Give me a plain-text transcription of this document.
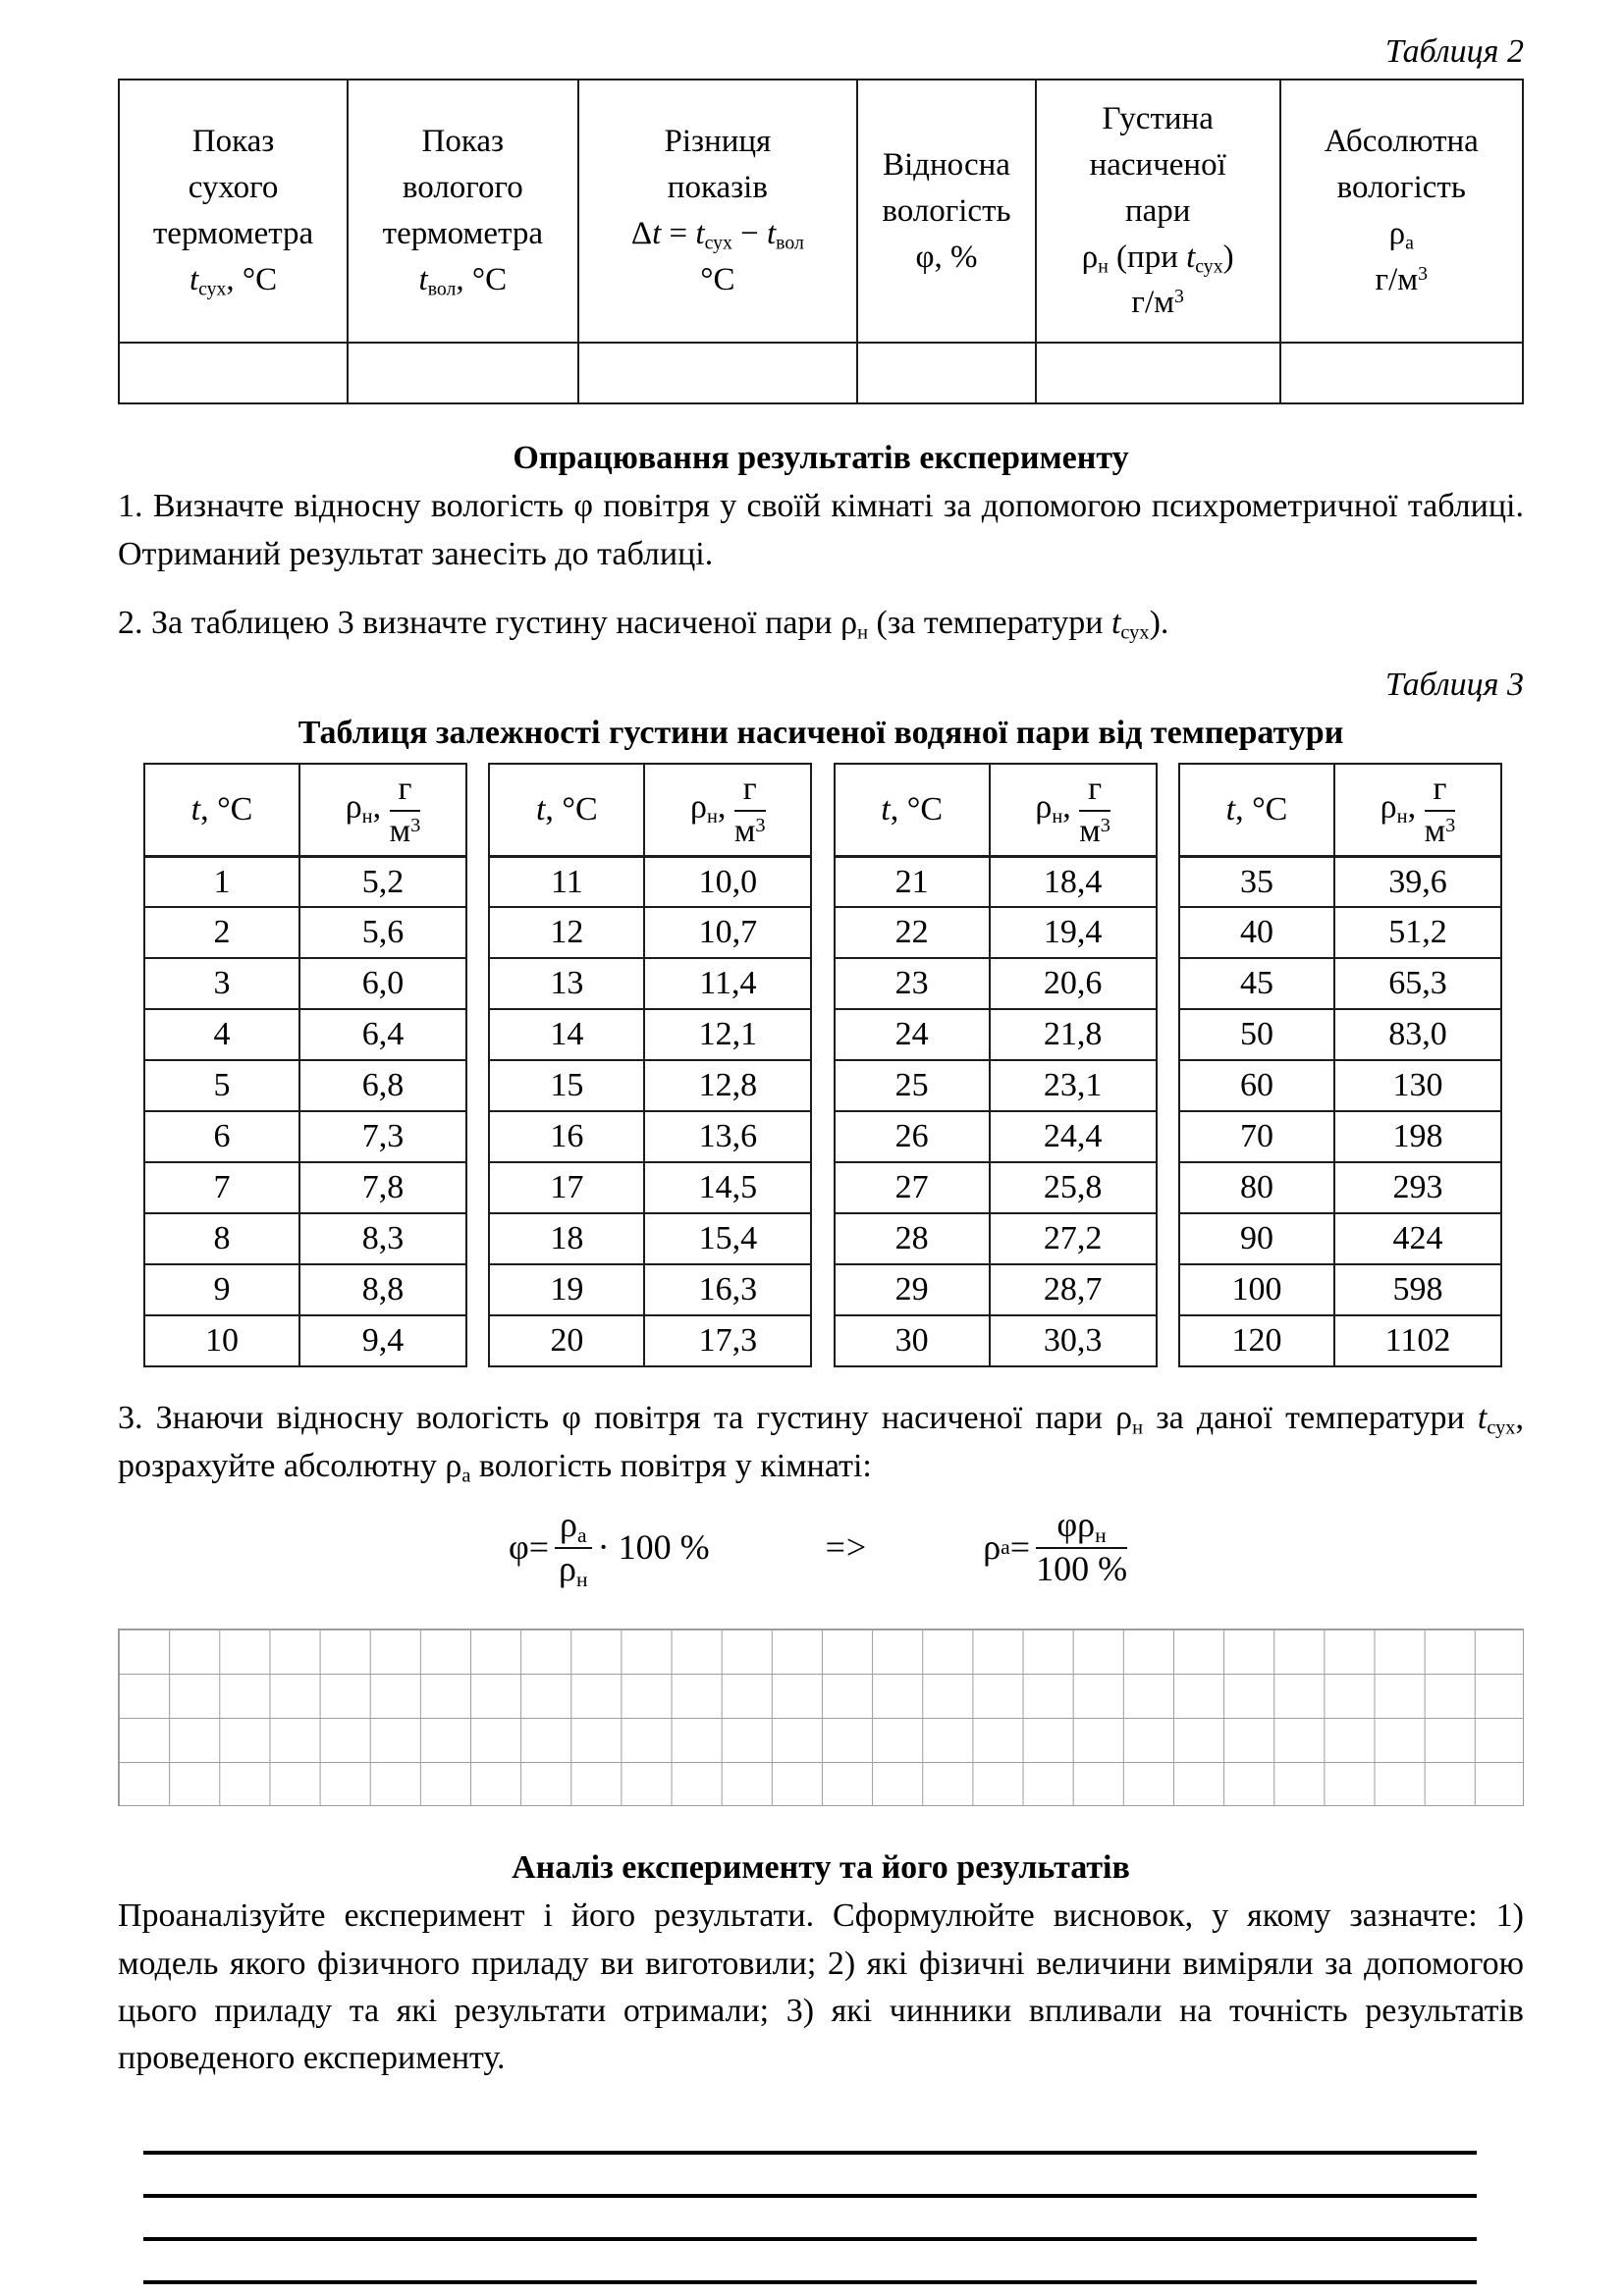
Таблиця 2

Показ
сухого
термометра
$t_{сух}$, °С

Показ
вологого
термометра
$t_{вол}$, °С

Різниця
показів
$\Delta t = t_{сух} - t_{вол}$
°С

Відносна
вологість
φ, %

Густина
насиченої
пари
$\rho_н$ (при $t_{сух}$)
$г/м^3$

Абсолютна
вологість
$\rho_а$
$г/м^3$

Опрацювання результатів експерименту

1. Визначте відносну вологість φ повітря у своїй кімнаті за допомогою психрометричної таблиці. Отриманий результат занесіть до таблиці.

2. За таблицею 3 визначте густину насиченої пари $\rho_н$ (за температури $t_{сух}$).

Таблиця 3

Таблиця залежності густини насиченої водяної пари від температури
t, °С	$\rho_н$, $\frac{г}{м^3}$

1	5,2
2	5,6
3	6,0
4	6,4
5	6,8
6	7,3
7	7,8
8	8,3
9	8,8
10	9,4
t, °С	$\rho_н$, $\frac{г}{м^3}$

11	10,0
12	10,7
13	11,4
14	12,1
15	12,8
16	13,6
17	14,5
18	15,4
19	16,3
20	17,3
t, °С	$\rho_н$, $\frac{г}{м^3}$

21	18,4
22	19,4
23	20,6
24	21,8
25	23,1
26	24,4
27	25,8
28	27,2
29	28,7
30	30,3
t, °С	$\rho_н$, $\frac{г}{м^3}$

35	39,6
40	51,2
45	65,3
50	83,0
60	130
70	198
80	293
90	424
100	598
120	1102

3. Знаючи відносну вологість φ повітря та густину насиченої пари $\rho_н$ за даної температури $t_{сух}$, розрахуйте абсолютну $\rho_а$ вологість повітря у кімнаті:

$\varphi = \frac{\rho_а}{\rho_н} \cdot 100$ %	=>	ρ $а = \frac{\varphi\rho_н}{100 \%}$
Аналіз експерименту та його результатів

Проаналізуйте експеримент і його результати. Сформулюйте висновок, у якому зазначте: 1) модель якого фізичного приладу ви виготовили; 2) які фізичні величини виміряли за допомогою цього приладу та які результати отримали; 3) які чинники впливали на точність результатів проведеного експерименту.
